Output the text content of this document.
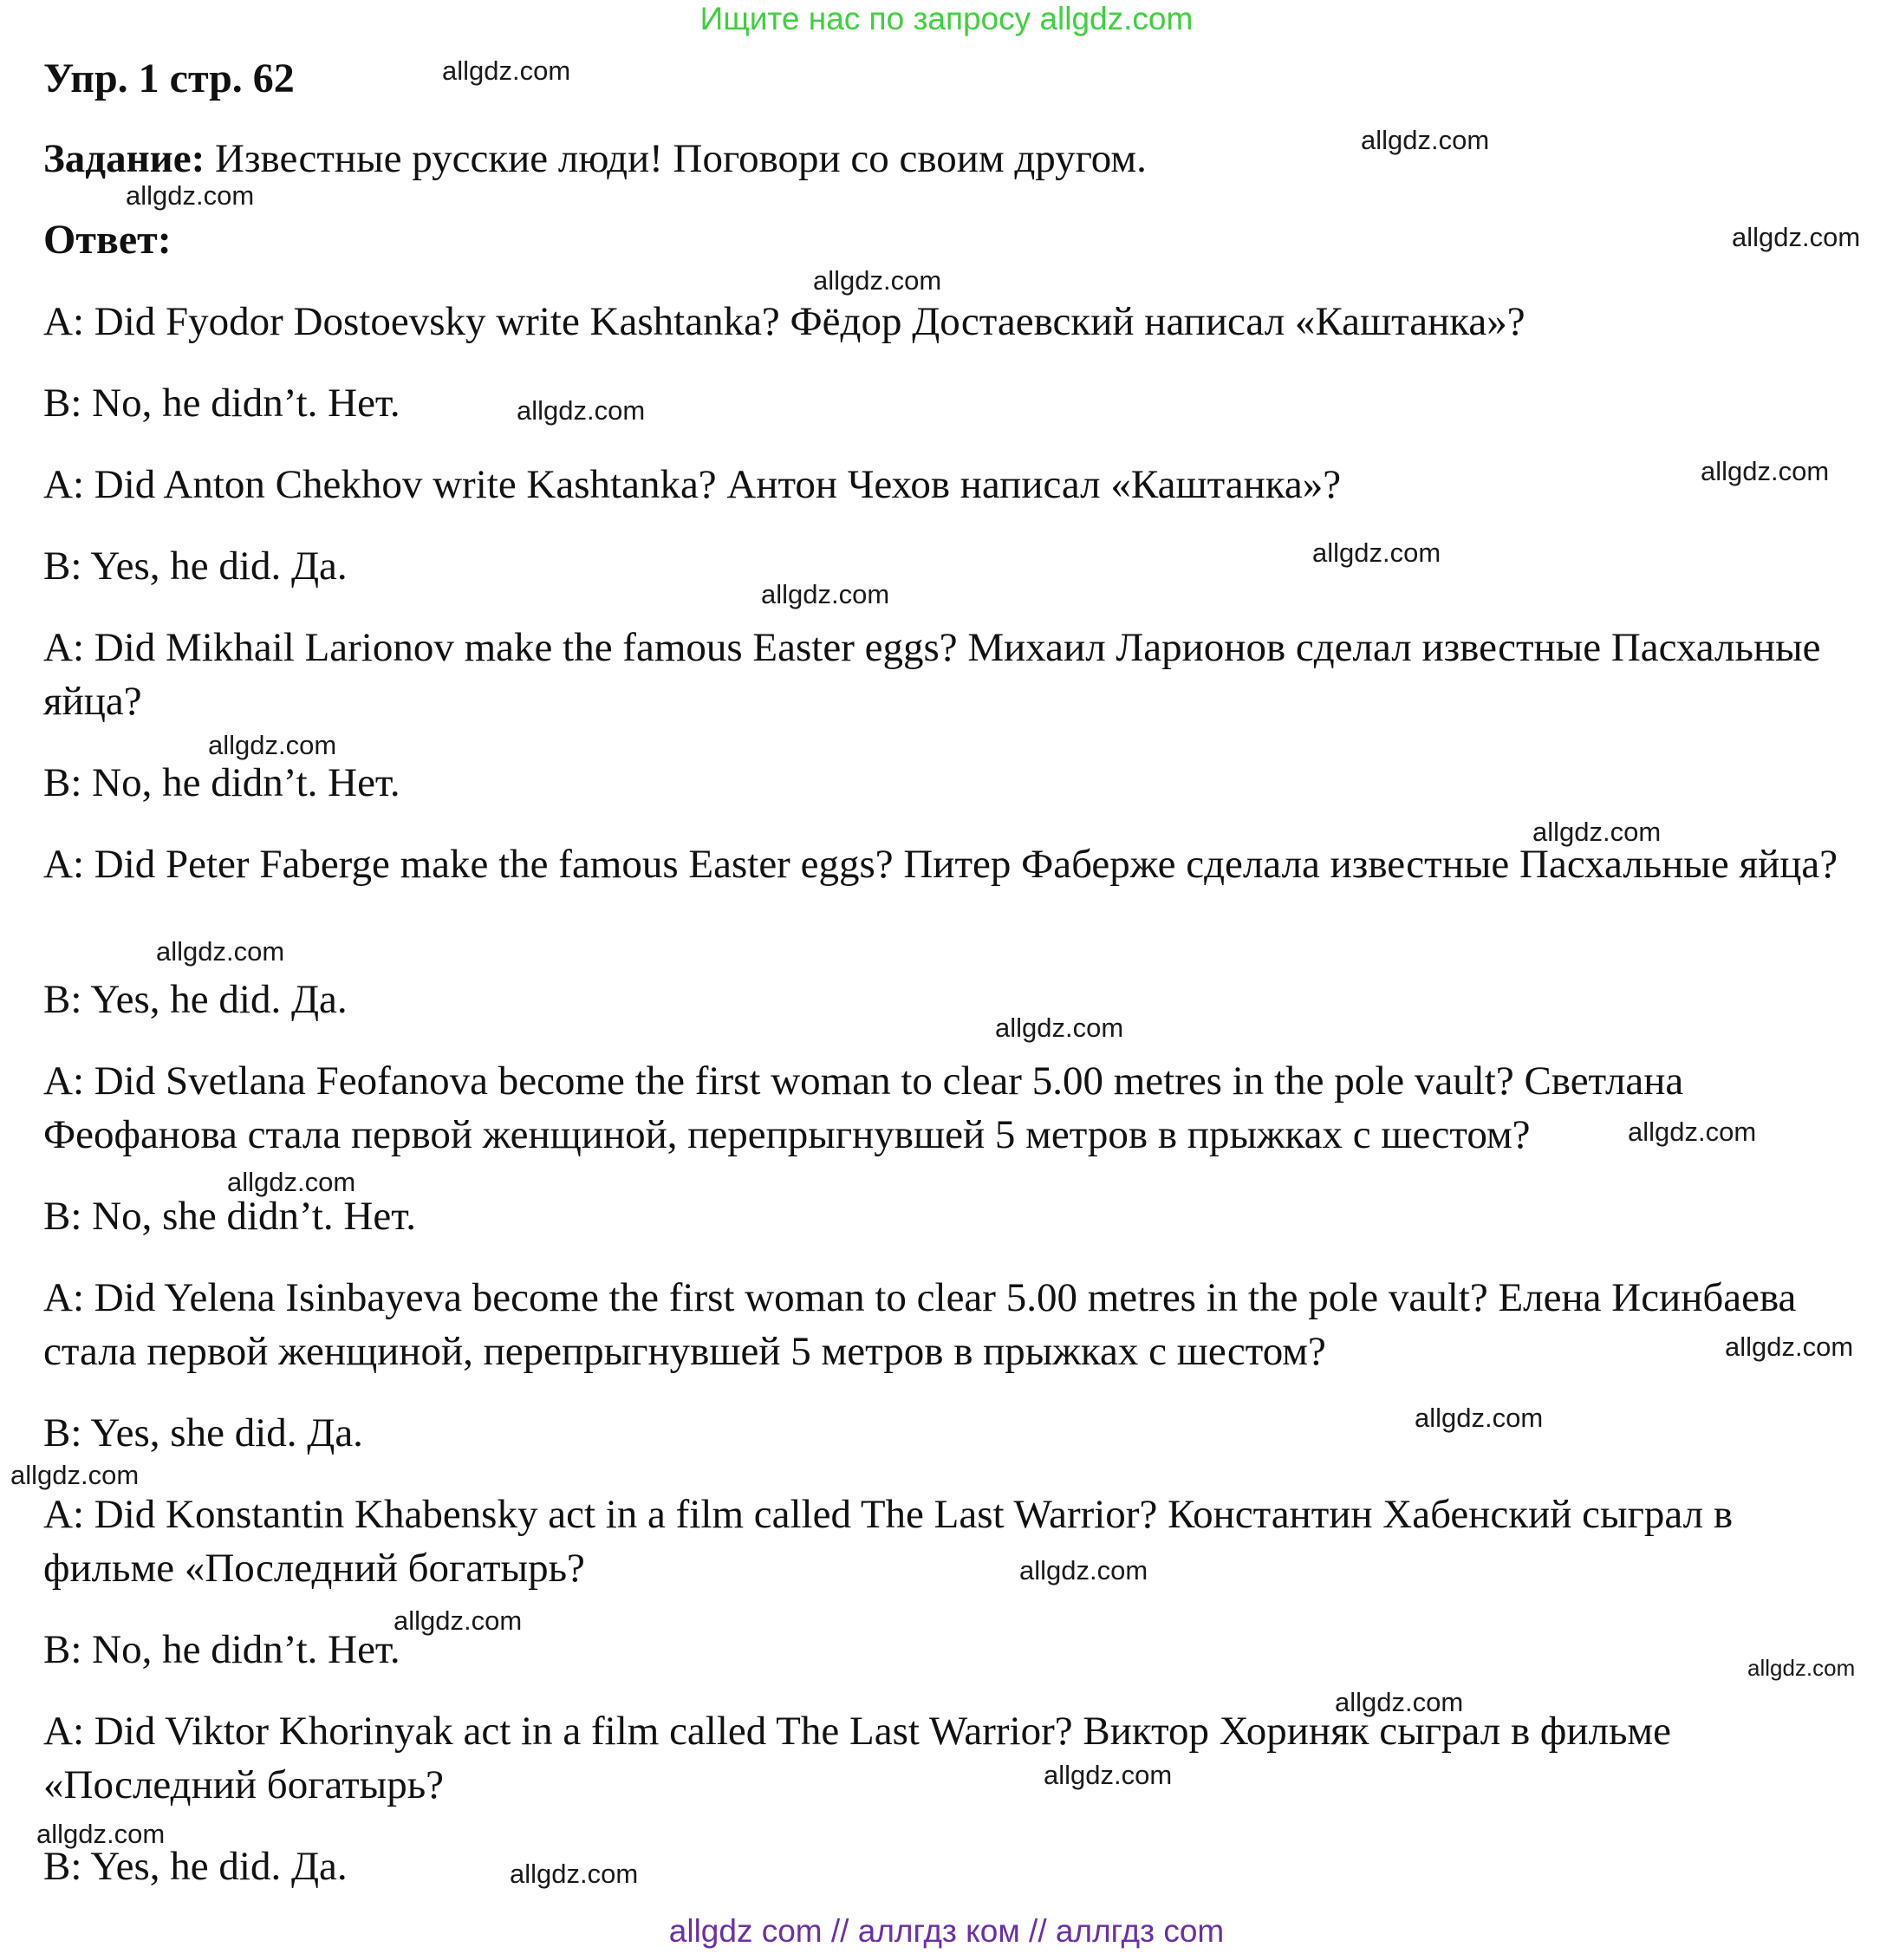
Ищите нас по запросу allgdz.com

Упр. 1 стр. 62

Задание: Известные русские люди! Поговори со своим другом.

Ответ:

A: Did Fyodor Dostoevsky write Kashtanka? Фёдор Достаевский написал «Каштанка»?

B: No, he didn’t. Нет.

A: Did Anton Chekhov write Kashtanka? Антон Чехов написал «Каштанка»?

B: Yes, he did. Да.

A: Did Mikhail Larionov make the famous Easter eggs? Михаил Ларионов сделал известные Пасхальные яйца?

B: No, he didn’t. Нет.

A: Did Peter Faberge make the famous Easter eggs? Питер Фаберже сделала известные Пасхальные яйца?

B: Yes, he did. Да.

A: Did Svetlana Feofanova become the first woman to clear 5.00 metres in the pole vault? Светлана Феофанова стала первой женщиной, перепрыгнувшей 5 метров в прыжках с шестом?

B: No, she didn’t. Нет.

A: Did Yelena Isinbayeva become the first woman to clear 5.00 metres in the pole vault? Елена Исинбаева стала первой женщиной, перепрыгнувшей 5 метров в прыжках с шестом?

B: Yes, she did. Да.

A: Did Konstantin Khabensky act in a film called The Last Warrior? Константин Хабенский сыграл в фильме «Последний богатырь?

B: No, he didn’t. Нет.

A: Did Viktor Khorinyak act in a film called The Last Warrior? Виктор Хориняк сыграл в фильме «Последний богатырь?

B: Yes, he did. Да.

allgdz.com
allgdz.com
allgdz.com
allgdz.com
allgdz.com
allgdz.com
allgdz.com
allgdz.com
allgdz.com
allgdz.com
allgdz.com
allgdz.com
allgdz.com
allgdz.com
allgdz.com
allgdz.com
allgdz.com
allgdz.com
allgdz.com
allgdz.com
allgdz.com
allgdz.com
allgdz.com
allgdz.com
allgdz.com
allgdz com // аллгдз ком // аллгдз com
